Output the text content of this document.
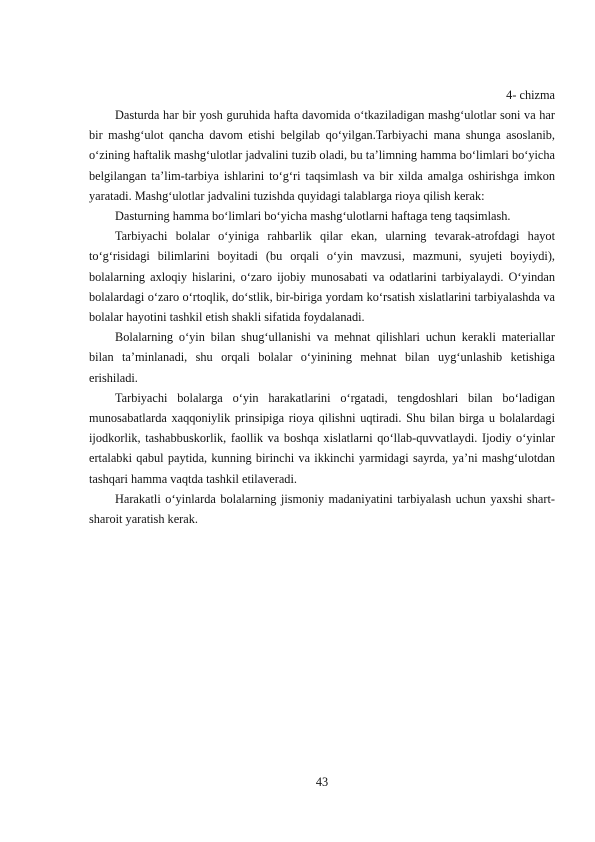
4- chizma

Dasturda har bir yosh guruhida hafta davomida o‘tkaziladigan mashg‘ulotlar soni va har bir mashg‘ulot qancha davom etishi belgilab qo‘yilgan.Tarbiyachi mana shunga asoslanib, o‘zining haftalik mashg‘ulotlar jadvalini tuzib oladi, bu ta’limning hamma bo‘limlari bo‘yicha belgilangan ta’lim-tarbiya ishlarini to‘g‘ri taqsimlash va bir xilda amalga oshirishga imkon yaratadi. Mashg‘ulotlar jadvalini tuzishda quyidagi talablarga rioya qilish kerak:

Dasturning hamma bo‘limlari bo‘yicha mashg‘ulotlarni haftaga teng taqsimlash.

Tarbiyachi bolalar o‘yiniga rahbarlik qilar ekan, ularning tevarak-atrofdagi hayot to‘g‘risidagi bilimlarini boyitadi (bu orqali o‘yin mavzusi, mazmuni, syujeti boyiydi), bolalarning axloqiy hislarini, o‘zaro ijobiy munosabati va odatlarini tarbiyalaydi. O‘yindan bolalardagi o‘zaro o‘rtoqlik, do‘stlik, bir-biriga yordam ko‘rsatish xislatlarini tarbiyalashda va bolalar hayotini tashkil etish shakli sifatida foydalanadi.

Bolalarning o‘yin bilan shug‘ullanishi va mehnat qilishlari uchun kerakli materiallar bilan ta’minlanadi, shu orqali bolalar o‘yinining mehnat bilan uyg‘unlashib ketishiga erishiladi.

Tarbiyachi bolalarga o‘yin harakatlarini o‘rgatadi, tengdoshlari bilan bo‘ladigan munosabatlarda xaqqoniylik prinsipiga rioya qilishni uqtiradi. Shu bilan birga u bolalardagi ijodkorlik, tashabbuskorlik, faollik va boshqa xislatlarni qo‘llab-quvvatlaydi. Ijodiy o‘yinlar ertalabki qabul paytida, kunning birinchi va ikkinchi yarmidagi sayrda, ya’ni mashg‘ulotdan tashqari hamma vaqtda tashkil etilaveradi.

Harakatli o‘yinlarda bolalarning jismoniy madaniyatini tarbiyalash uchun yaxshi shart-sharoit yaratish kerak.

43
